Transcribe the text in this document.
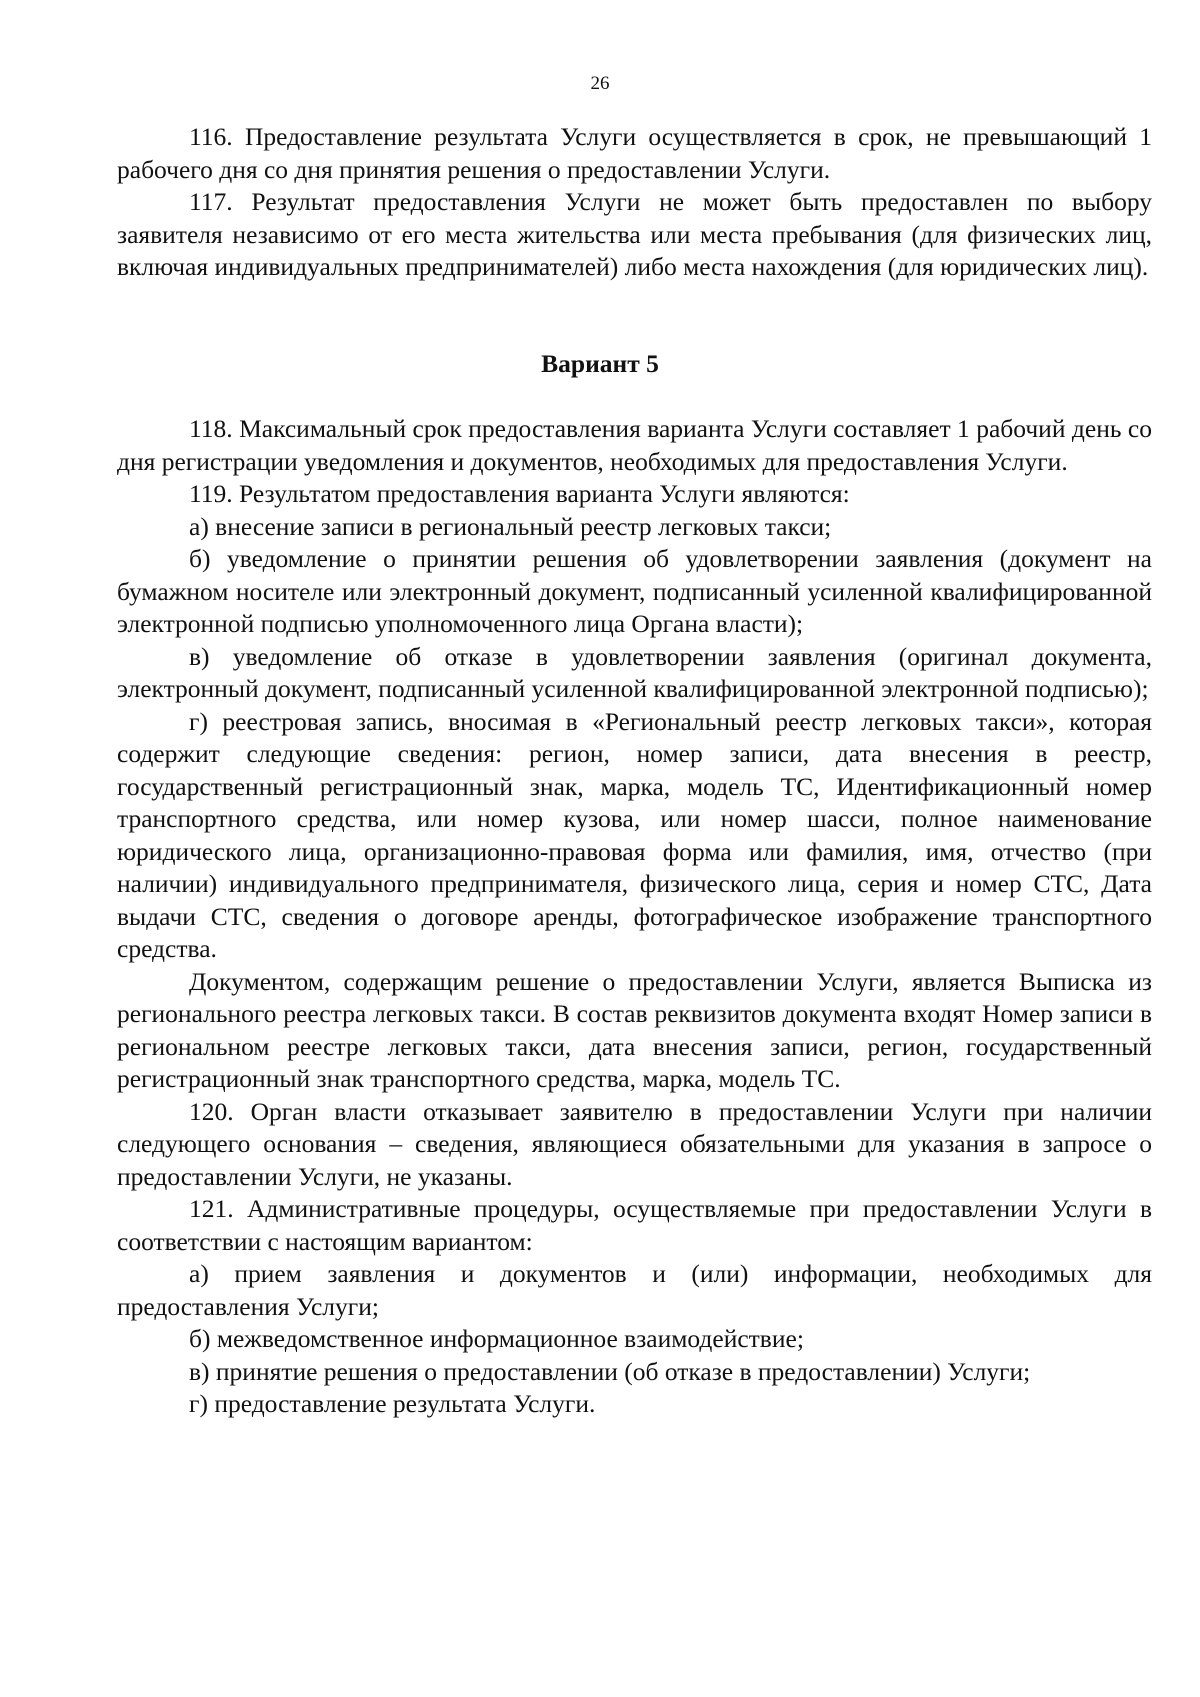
26

116. Предоставление результата Услуги осуществляется в срок, не превышающий 1 рабочего дня со дня принятия решения о предоставлении Услуги.

117. Результат предоставления Услуги не может быть предоставлен по выбору заявителя независимо от его места жительства или места пребывания (для физических лиц, включая индивидуальных предпринимателей) либо места нахождения (для юридических лиц).

Вариант 5

118. Максимальный срок предоставления варианта Услуги составляет 1 рабочий день со дня регистрации уведомления и документов, необходимых для предоставления Услуги.

119. Результатом предоставления варианта Услуги являются:

а) внесение записи в региональный реестр легковых такси;

б) уведомление о принятии решения об удовлетворении заявления (документ на бумажном носителе или электронный документ, подписанный усиленной квалифицированной электронной подписью уполномоченного лица Органа власти);

в) уведомление об отказе в удовлетворении заявления (оригинал документа, электронный документ, подписанный усиленной квалифицированной электронной подписью);

г) реестровая запись, вносимая в «Региональный реестр легковых такси», которая содержит следующие сведения: регион, номер записи, дата внесения в реестр, государственный регистрационный знак, марка, модель ТС, Идентификационный номер транспортного средства, или номер кузова, или номер шасси, полное наименование юридического лица, организационно-правовая форма или фамилия, имя, отчество (при наличии) индивидуального предпринимателя, физического лица, серия и номер СТС, Дата выдачи СТС, сведения о договоре аренды, фотографическое изображение транспортного средства.

Документом, содержащим решение о предоставлении Услуги, является Выписка из регионального реестра легковых такси. В состав реквизитов документа входят Номер записи в региональном реестре легковых такси, дата внесения записи, регион, государственный регистрационный знак транспортного средства, марка, модель ТС.

120. Орган власти отказывает заявителю в предоставлении Услуги при наличии следующего основания – сведения, являющиеся обязательными для указания в запросе о предоставлении Услуги, не указаны.

121. Административные процедуры, осуществляемые при предоставлении Услуги в соответствии с настоящим вариантом:

а) прием заявления и документов и (или) информации, необходимых для предоставления Услуги;

б) межведомственное информационное взаимодействие;

в) принятие решения о предоставлении (об отказе в предоставлении) Услуги;

г) предоставление результата Услуги.
